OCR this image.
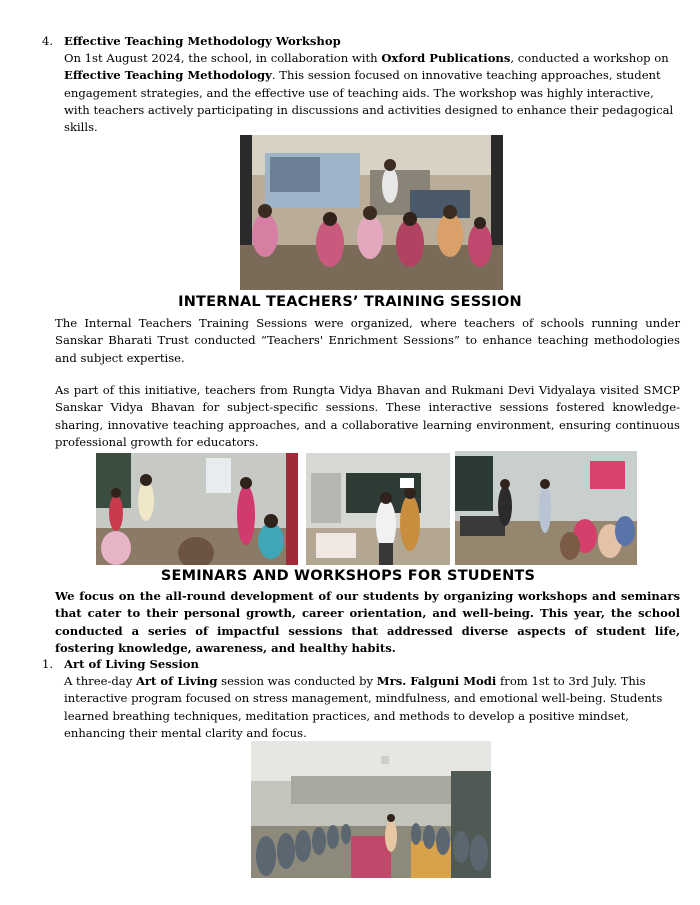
4. Effective Teaching Methodology Workshop
On 1st August 2024, the school, in collaboration with Oxford Publications, conducted a workshop on Effective Teaching Methodology. This session focused on innovative teaching approaches, student engagement strategies, and the effective use of teaching aids. The workshop was highly interactive, with teachers actively participating in discussions and activities designed to enhance their pedagogical skills.
INTERNAL TEACHERS’ TRAINING SESSION
The Internal Teachers Training Sessions were organized, where teachers of schools running under Sanskar Bharati Trust conducted “Teachers' Enrichment Sessions” to enhance teaching methodologies and subject expertise.
As part of this initiative, teachers from Rungta Vidya Bhavan and Rukmani Devi Vidyalaya visited SMCP Sanskar Vidya Bhavan for subject-specific sessions. These interactive sessions fostered knowledge-sharing, innovative teaching approaches, and a collaborative learning environment, ensuring continuous professional growth for educators.
SEMINARS AND WORKSHOPS FOR STUDENTS
We focus on the all-round development of our students by organizing workshops and seminars that cater to their personal growth, career orientation, and well-being. This year, the school conducted a series of impactful sessions that addressed diverse aspects of student life, fostering knowledge, awareness, and healthy habits.
1. Art of Living Session
A three-day Art of Living session was conducted by Mrs. Falguni Modi from 1st to 3rd July. This interactive program focused on stress management, mindfulness, and emotional well-being. Students learned breathing techniques, meditation practices, and methods to develop a positive mindset, enhancing their mental clarity and focus.
